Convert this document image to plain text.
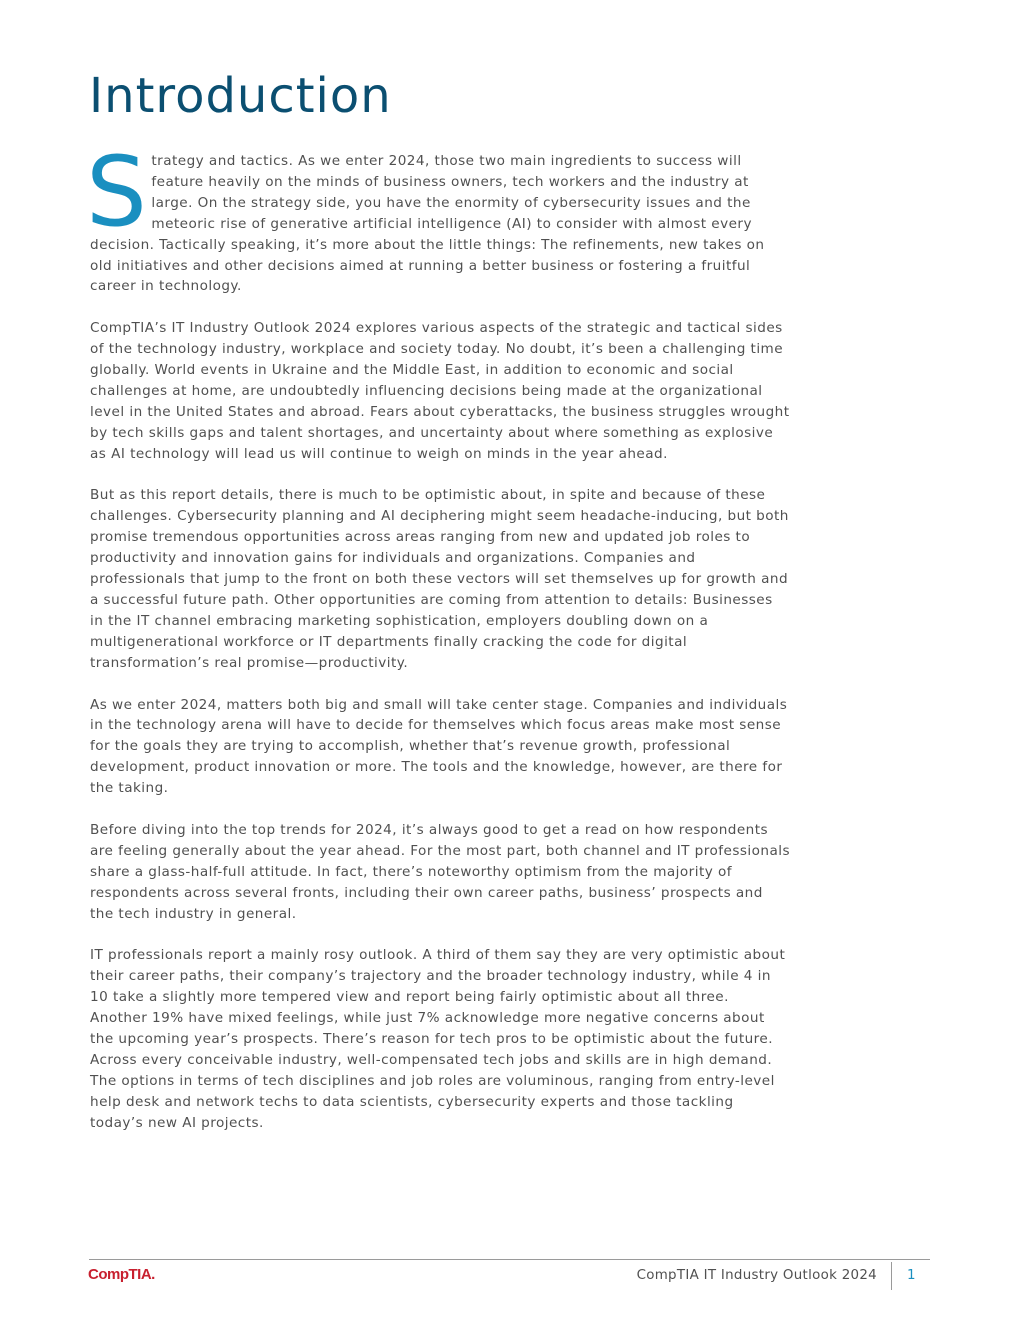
Introduction

Strategy and tactics. As we enter 2024, those two main ingredients to success will feature heavily on the minds of business owners, tech workers and the industry at large. On the strategy side, you have the enormity of cybersecurity issues and the meteoric rise of generative artificial intelligence (AI) to consider with almost every decision. Tactically speaking, it’s more about the little things: The refinements, new takes on old initiatives and other decisions aimed at running a better business or fostering a fruitful career in technology.

CompTIA’s IT Industry Outlook 2024 explores various aspects of the strategic and tactical sides of the technology industry, workplace and society today. No doubt, it’s been a challenging time globally. World events in Ukraine and the Middle East, in addition to economic and social challenges at home, are undoubtedly influencing decisions being made at the organizational level in the United States and abroad. Fears about cyberattacks, the business struggles wrought by tech skills gaps and talent shortages, and uncertainty about where something as explosive as AI technology will lead us will continue to weigh on minds in the year ahead.

But as this report details, there is much to be optimistic about, in spite and because of these challenges. Cybersecurity planning and AI deciphering might seem headache-inducing, but both promise tremendous opportunities across areas ranging from new and updated job roles to productivity and innovation gains for individuals and organizations. Companies and professionals that jump to the front on both these vectors will set themselves up for growth and a successful future path. Other opportunities are coming from attention to details: Businesses in the IT channel embracing marketing sophistication, employers doubling down on a multigenerational workforce or IT departments finally cracking the code for digital transformation’s real promise—productivity.

As we enter 2024, matters both big and small will take center stage. Companies and individuals in the technology arena will have to decide for themselves which focus areas make most sense for the goals they are trying to accomplish, whether that’s revenue growth, professional development, product innovation or more. The tools and the knowledge, however, are there for the taking.

Before diving into the top trends for 2024, it’s always good to get a read on how respondents are feeling generally about the year ahead. For the most part, both channel and IT professionals share a glass-half-full attitude. In fact, there’s noteworthy optimism from the majority of respondents across several fronts, including their own career paths, business’ prospects and the tech industry in general.

IT professionals report a mainly rosy outlook. A third of them say they are very optimistic about their career paths, their company’s trajectory and the broader technology industry, while 4 in 10 take a slightly more tempered view and report being fairly optimistic about all three. Another 19% have mixed feelings, while just 7% acknowledge more negative concerns about the upcoming year’s prospects. There’s reason for tech pros to be optimistic about the future. Across every conceivable industry, well-compensated tech jobs and skills are in high demand. The options in terms of tech disciplines and job roles are voluminous, ranging from entry-level help desk and network techs to data scientists, cybersecurity experts and those tackling today’s new AI projects.

CompTIA.	CompTIA IT Industry Outlook 2024 1
